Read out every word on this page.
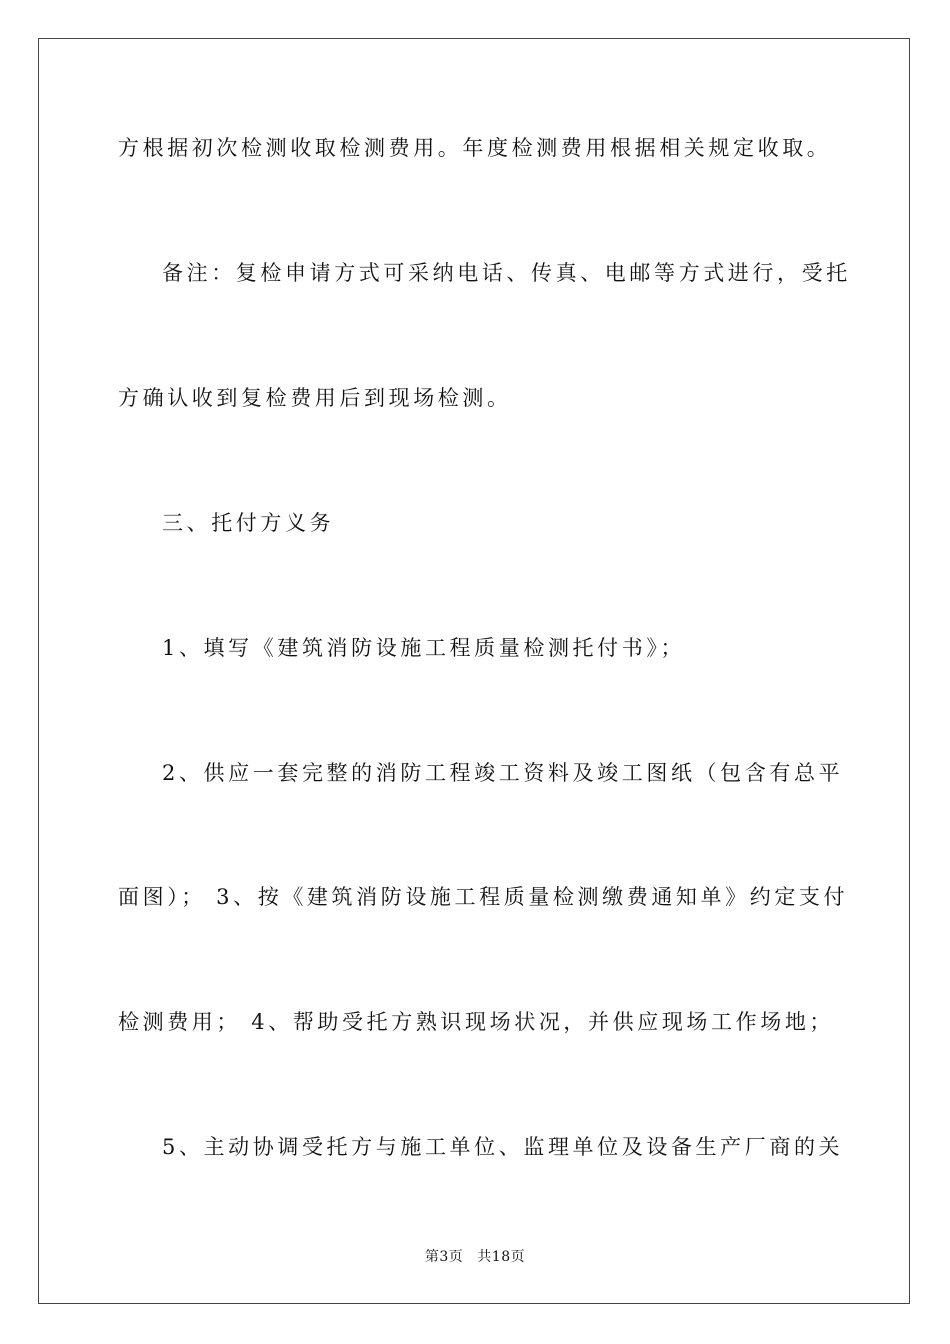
方根据初次检测收取检测费用。年度检测费用根据相关规定收取。
备注：复检申请方式可采纳电话、传真、电邮等方式进行，受托
方确认收到复检费用后到现场检测。
三、托付方义务
1、填写《建筑消防设施工程质量检测托付书》；
2、供应一套完整的消防工程竣工资料及竣工图纸（包含有总平
面图）； 3、按《建筑消防设施工程质量检测缴费通知单》约定支付
检测费用； 4、帮助受托方熟识现场状况，并供应现场工作场地；
5、主动协调受托方与施工单位、监理单位及设备生产厂商的关
第3页 共18页
